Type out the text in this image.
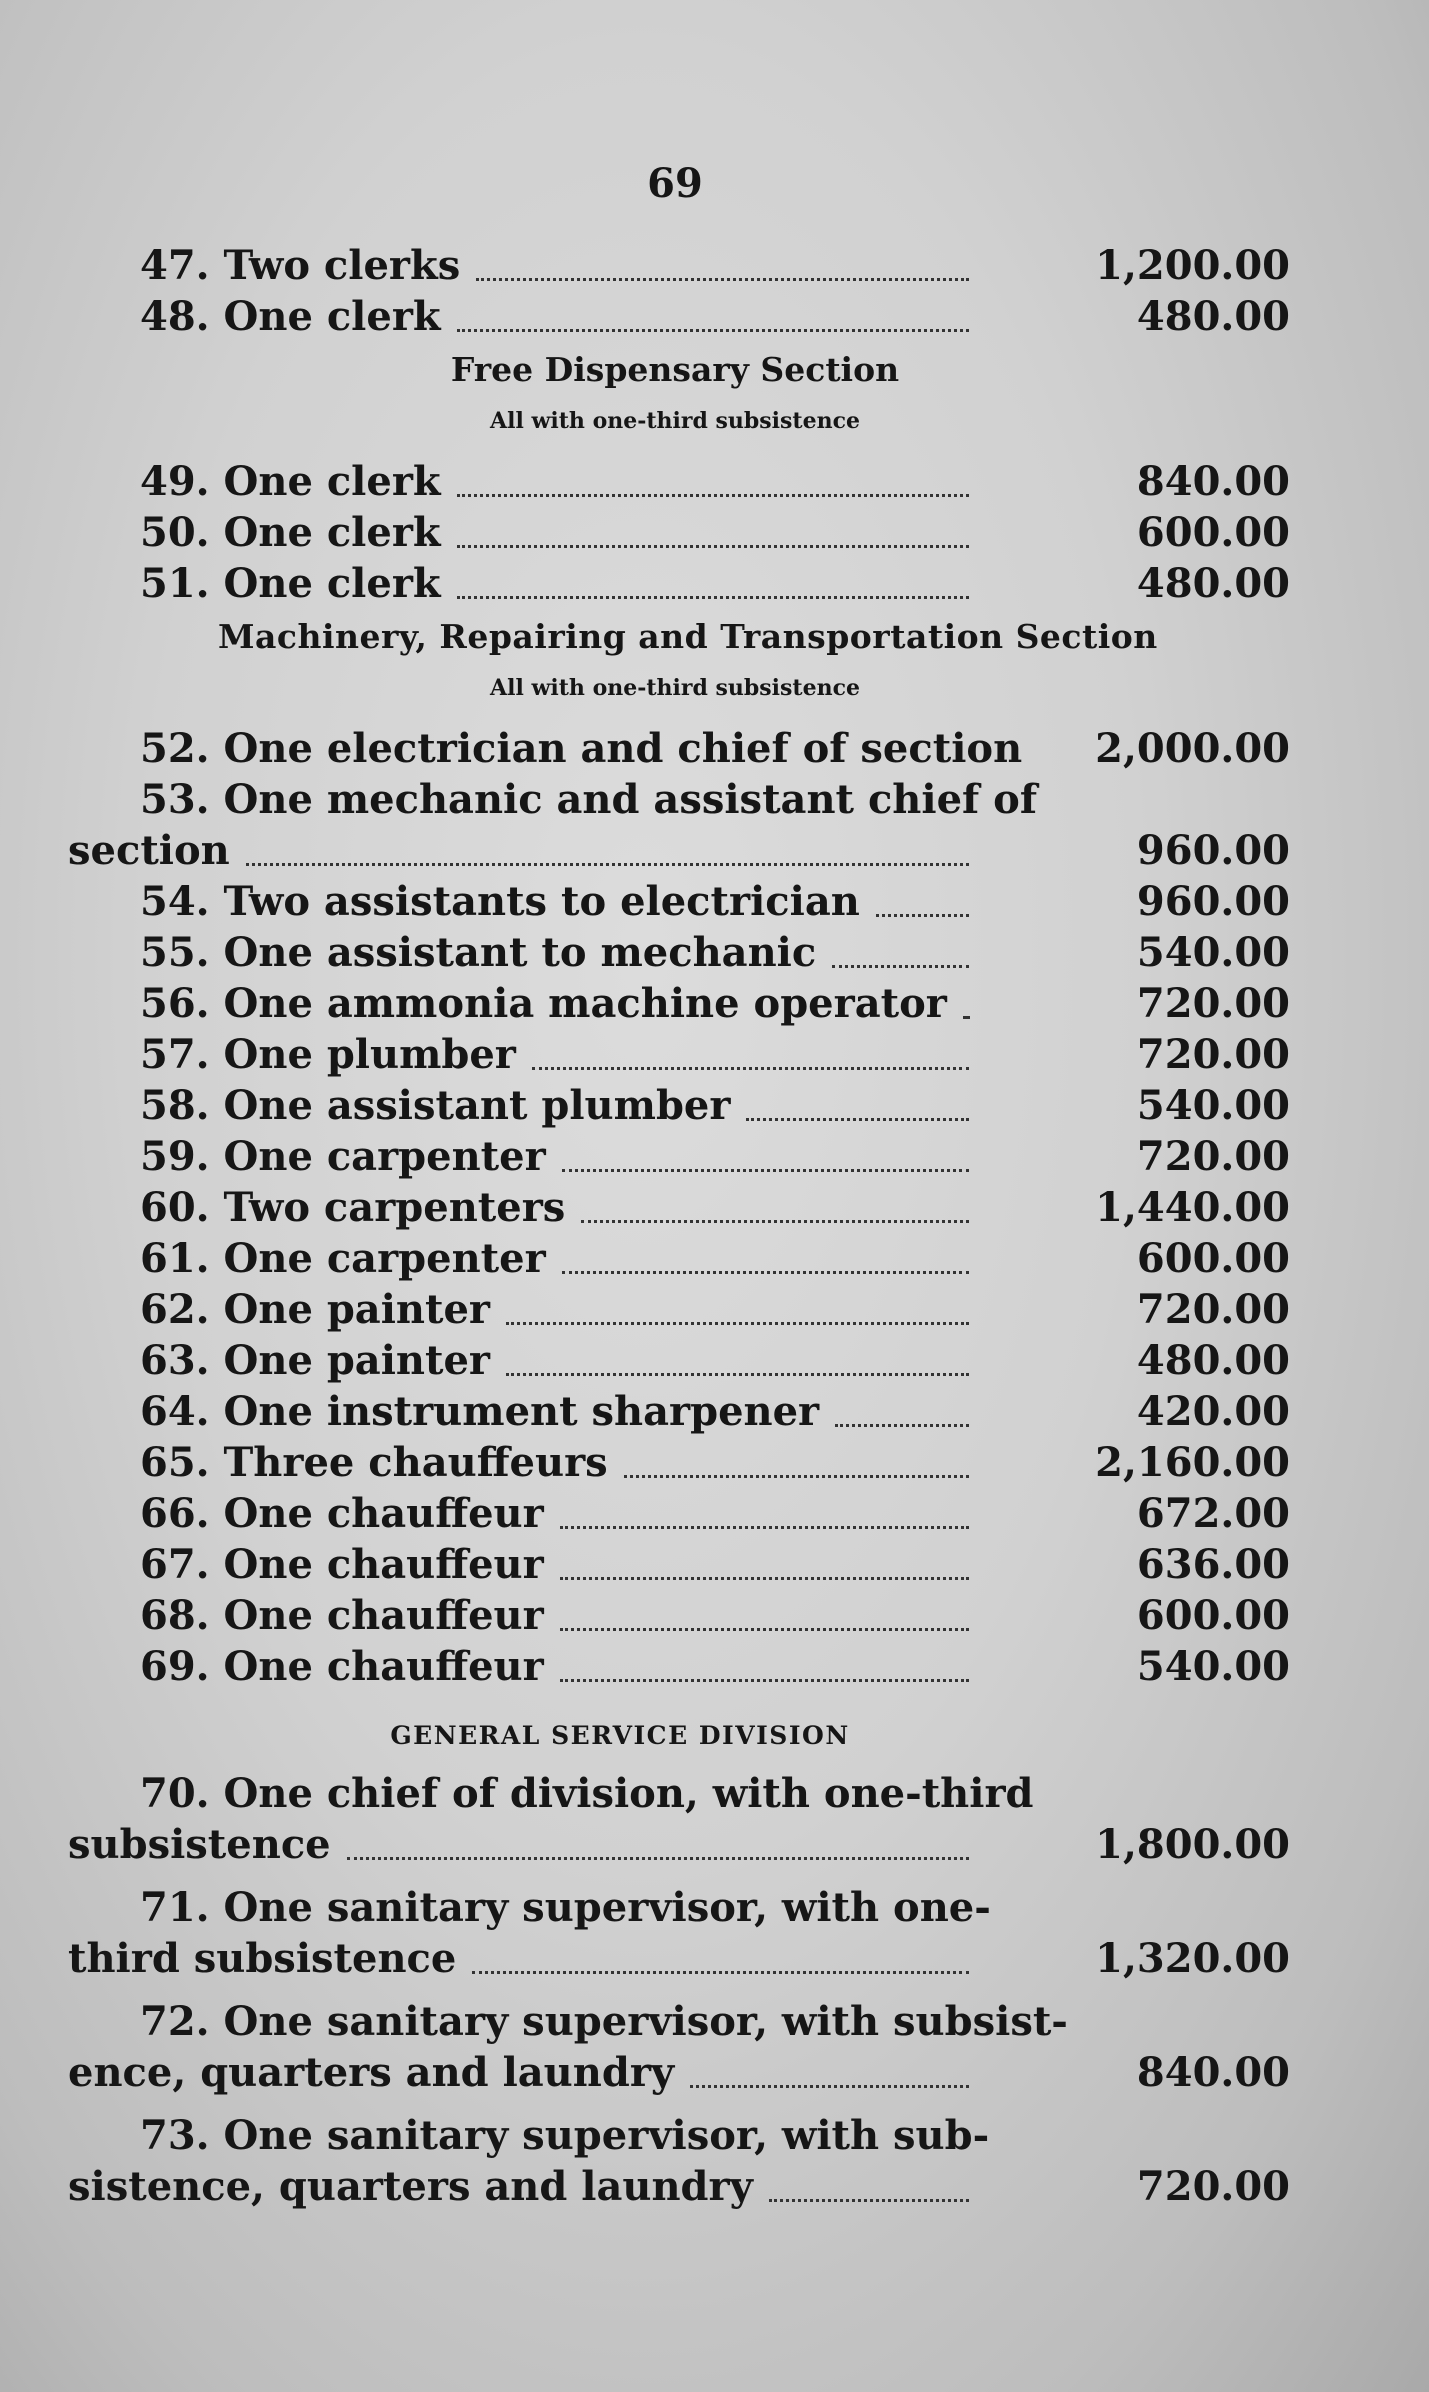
69
47. Two clerks	1,200.00
48. One clerk	480.00
Free Dispensary Section
All with one-third subsistence
49. One clerk	840.00
50. One clerk	600.00
51. One clerk	480.00
Machinery, Repairing and Transportation Section
All with one-third subsistence
52. One electrician and chief of section	2,000.00
53. One mechanic and assistant chief of
section	960.00
54. Two assistants to electrician	960.00
55. One assistant to mechanic	540.00
56. One ammonia machine operator	720.00
57. One plumber	720.00
58. One assistant plumber	540.00
59. One carpenter	720.00
60. Two carpenters	1,440.00
61. One carpenter	600.00
62. One painter	720.00
63. One painter	480.00
64. One instrument sharpener	420.00
65. Three chauffeurs	2,160.00
66. One chauffeur	672.00
67. One chauffeur	636.00
68. One chauffeur	600.00
69. One chauffeur	540.00
GENERAL SERVICE DIVISION
70. One chief of division, with one-third
subsistence	1,800.00
71. One sanitary supervisor, with one-
third subsistence	1,320.00
72. One sanitary supervisor, with subsist-
ence, quarters and laundry	840.00
73. One sanitary supervisor, with sub-
sistence, quarters and laundry	720.00
